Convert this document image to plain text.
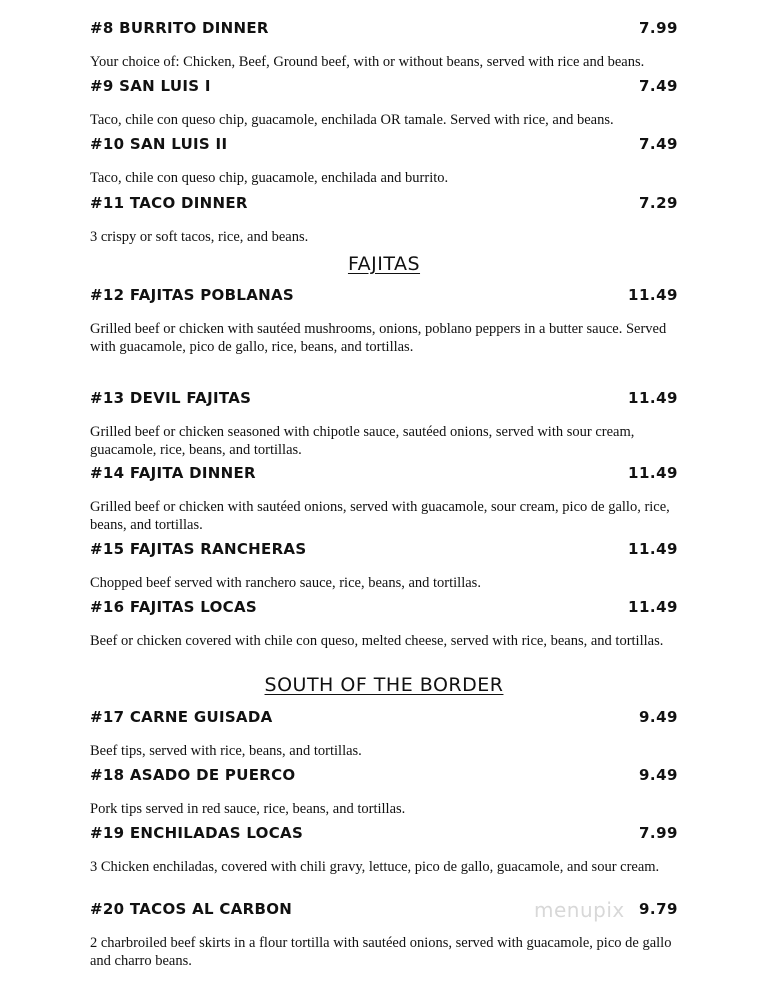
#8 BURRITO DINNER	7.99
Your choice of: Chicken, Beef, Ground beef, with or without beans, served with rice and beans.
#9 SAN LUIS I	7.49
Taco, chile con queso chip, guacamole, enchilada OR tamale. Served with rice, and beans.
#10 SAN LUIS II	7.49
Taco, chile con queso chip, guacamole, enchilada and burrito.
#11 TACO DINNER	7.29
3 crispy or soft tacos, rice, and beans.
FAJITAS
#12 FAJITAS POBLANAS	11.49
Grilled beef or chicken with sautéed mushrooms, onions, poblano peppers in a butter sauce. Served with guacamole, pico de gallo, rice, beans, and tortillas.
#13 DEVIL FAJITAS	11.49
Grilled beef or chicken seasoned with chipotle sauce, sautéed onions, served with sour cream, guacamole, rice, beans, and tortillas.
#14 FAJITA DINNER	11.49
Grilled beef or chicken with sautéed onions, served with guacamole, sour cream, pico de gallo, rice, beans, and tortillas.
#15 FAJITAS RANCHERAS	11.49
Chopped beef served with ranchero sauce, rice, beans, and tortillas.
#16 FAJITAS LOCAS	11.49
Beef or chicken covered with chile con queso, melted cheese, served with rice, beans, and tortillas.
SOUTH OF THE BORDER
#17 CARNE GUISADA	9.49
Beef tips, served with rice, beans, and tortillas.
#18 ASADO DE PUERCO	9.49
Pork tips served in red sauce, rice, beans, and tortillas.
#19 ENCHILADAS LOCAS	7.99
3 Chicken enchiladas, covered with chili gravy, lettuce, pico de gallo, guacamole, and sour cream.
#20 TACOS AL CARBON	9.79
2 charbroiled beef skirts in a flour tortilla with sautéed onions, served with guacamole, pico de gallo and charro beans.
menupix
